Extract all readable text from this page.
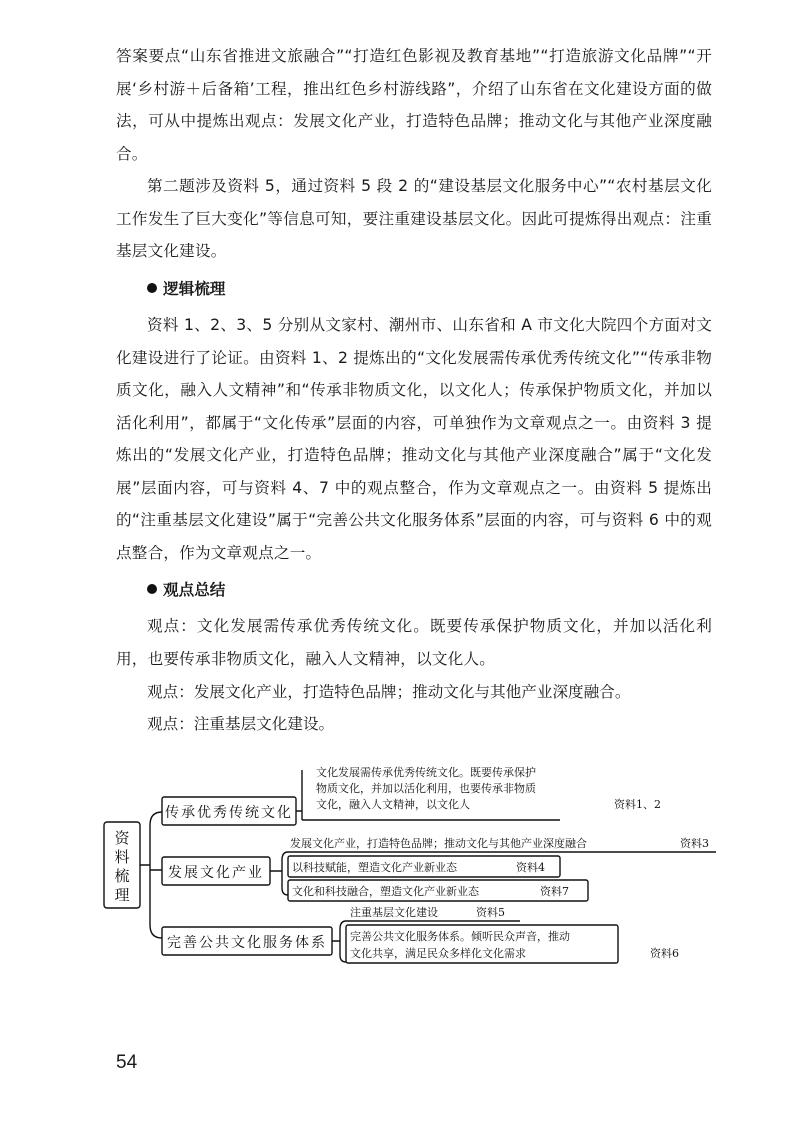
答案要点“山东省推进文旅融合”“打造红色影视及教育基地”“打造旅游文化品牌”“开展‘乡村游＋后备箱’工程，推出红色乡村游线路”，介绍了山东省在文化建设方面的做法，可从中提炼出观点：发展文化产业，打造特色品牌；推动文化与其他产业深度融合。

第二题涉及资料 5，通过资料 5 段 2 的“建设基层文化服务中心”“农村基层文化工作发生了巨大变化”等信息可知，要注重建设基层文化。因此可提炼得出观点：注重基层文化建设。

逻辑梳理

资料 1、2、3、5 分别从文家村、潮州市、山东省和 A 市文化大院四个方面对文化建设进行了论证。由资料 1、2 提炼出的“文化发展需传承优秀传统文化”“传承非物质文化，融入人文精神”和“传承非物质文化，以文化人；传承保护物质文化，并加以活化利用”，都属于“文化传承”层面的内容，可单独作为文章观点之一。由资料 3 提炼出的“发展文化产业，打造特色品牌；推动文化与其他产业深度融合”属于“文化发展”层面内容，可与资料 4、7 中的观点整合，作为文章观点之一。由资料 5 提炼出的“注重基层文化建设”属于“完善公共文化服务体系”层面的内容，可与资料 6 中的观点整合，作为文章观点之一。

观点总结

观点：文化发展需传承优秀传统文化。既要传承保护物质文化，并加以活化利用，也要传承非物质文化，融入人文精神，以文化人。

观点：发展文化产业，打造特色品牌；推动文化与其他产业深度融合。

观点：注重基层文化建设。

资
料
梳
理
传承优秀传统文化
文化发展需传承优秀传统文化。既要传承保护
物质文化，并加以活化利用，也要传承非物质
文化，融入人文精神，以文化人	资料1、2
发展文化产业
发展文化产业，打造特色品牌；推动文化与其他产业深度融合	资料3
以科技赋能，塑造文化产业新业态	资料4
文化和科技融合，塑造文化产业新业态	资料7
完善公共文化服务体系
注重基层文化建设	资料5
完善公共文化服务体系。倾听民众声音，推动
文化共享，满足民众多样化文化需求	资料6
54
